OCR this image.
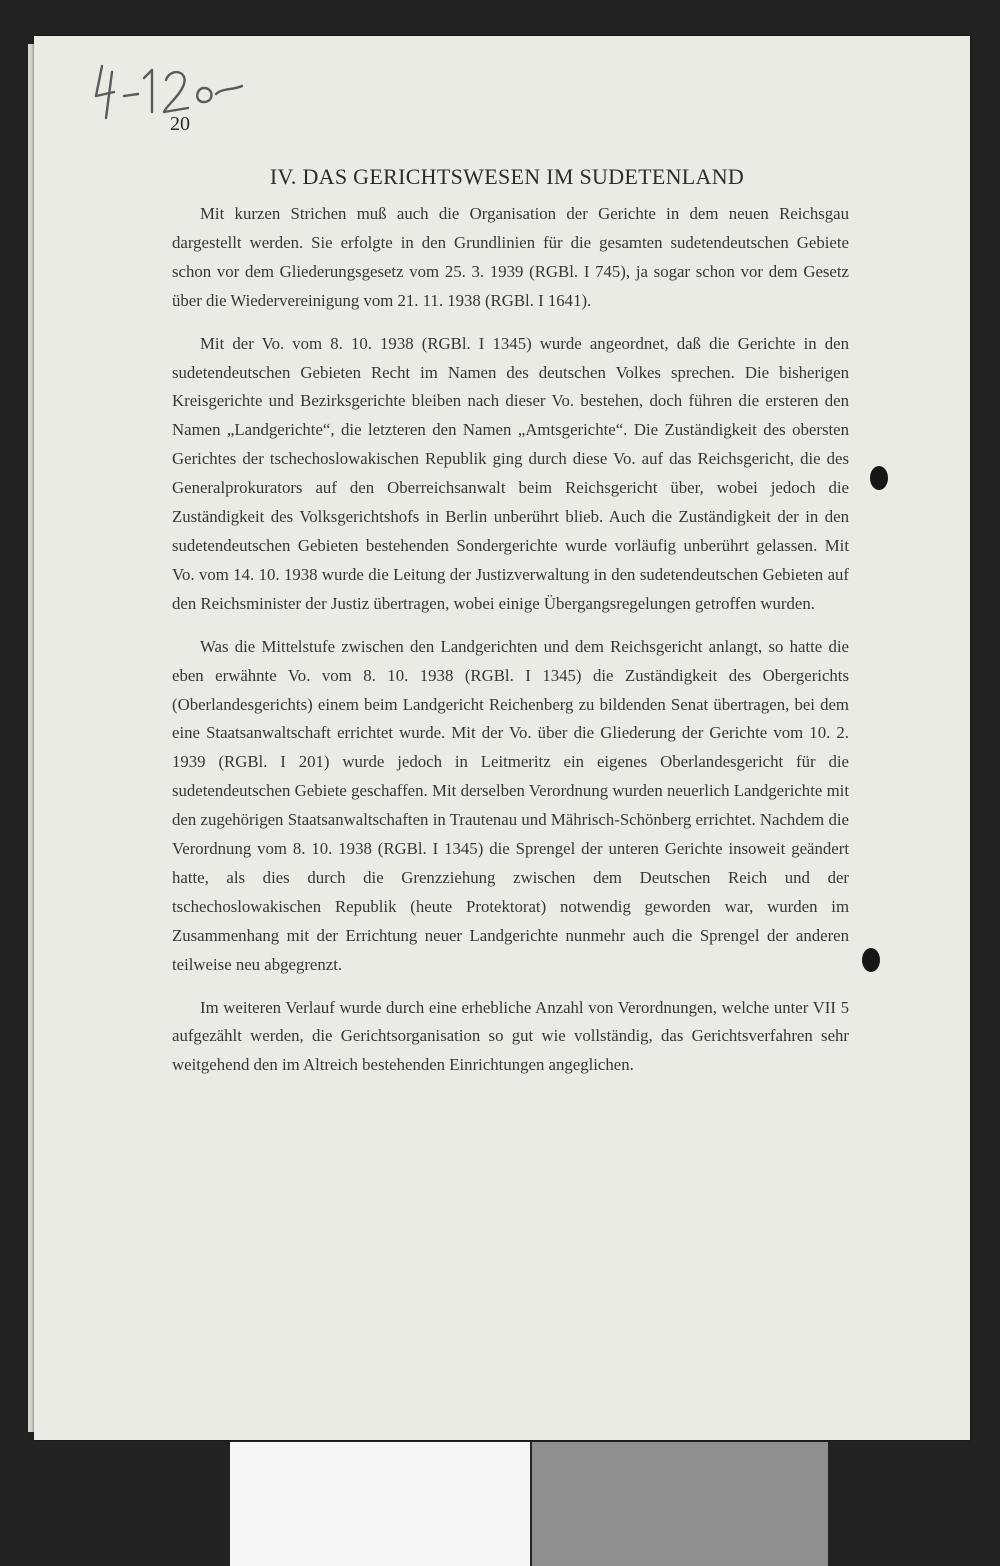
20
IV. DAS GERICHTSWESEN IM SUDETENLAND

Mit kurzen Strichen muß auch die Organisation der Gerichte in dem neuen Reichsgau dargestellt werden. Sie erfolgte in den Grundlinien für die gesamten sudetendeutschen Gebiete schon vor dem Gliederungsgesetz vom 25. 3. 1939 (RGBl. I 745), ja sogar schon vor dem Gesetz über die Wiedervereinigung vom 21. 11. 1938 (RGBl. I 1641).

Mit der Vo. vom 8. 10. 1938 (RGBl. I 1345) wurde angeordnet, daß die Gerichte in den sudetendeutschen Gebieten Recht im Namen des deutschen Volkes sprechen. Die bisherigen Kreisgerichte und Bezirksgerichte bleiben nach dieser Vo. bestehen, doch führen die ersteren den Namen „Landgerichte“, die letzteren den Namen „Amtsgerichte“. Die Zuständigkeit des obersten Gerichtes der tschechoslowakischen Republik ging durch diese Vo. auf das Reichsgericht, die des Generalprokurators auf den Oberreichsanwalt beim Reichsgericht über, wobei jedoch die Zuständigkeit des Volksgerichtshofs in Berlin unberührt blieb. Auch die Zuständigkeit der in den sudetendeutschen Gebieten bestehenden Sondergerichte wurde vorläufig unberührt gelassen. Mit Vo. vom 14. 10. 1938 wurde die Leitung der Justizverwaltung in den sudetendeutschen Gebieten auf den Reichsminister der Justiz übertragen, wobei einige Übergangsregelungen getroffen wurden.

Was die Mittelstufe zwischen den Landgerichten und dem Reichsgericht anlangt, so hatte die eben erwähnte Vo. vom 8. 10. 1938 (RGBl. I 1345) die Zuständigkeit des Obergerichts (Oberlandesgerichts) einem beim Landgericht Reichenberg zu bildenden Senat übertragen, bei dem eine Staatsanwaltschaft errichtet wurde. Mit der Vo. über die Gliederung der Gerichte vom 10. 2. 1939 (RGBl. I 201) wurde jedoch in Leitmeritz ein eigenes Oberlandesgericht für die sudetendeutschen Gebiete geschaffen. Mit derselben Verordnung wurden neuerlich Landgerichte mit den zugehörigen Staatsanwaltschaften in Trautenau und Mährisch-Schönberg errichtet. Nachdem die Verordnung vom 8. 10. 1938 (RGBl. I 1345) die Sprengel der unteren Gerichte insoweit geändert hatte, als dies durch die Grenzziehung zwischen dem Deutschen Reich und der tschechoslowakischen Republik (heute Protektorat) notwendig geworden war, wurden im Zusammenhang mit der Errichtung neuer Landgerichte nunmehr auch die Sprengel der anderen teilweise neu abgegrenzt.

Im weiteren Verlauf wurde durch eine erhebliche Anzahl von Verordnungen, welche unter VII 5 aufgezählt werden, die Gerichtsorganisation so gut wie vollständig, das Gerichtsverfahren sehr weitgehend den im Altreich bestehenden Einrichtungen angeglichen.
